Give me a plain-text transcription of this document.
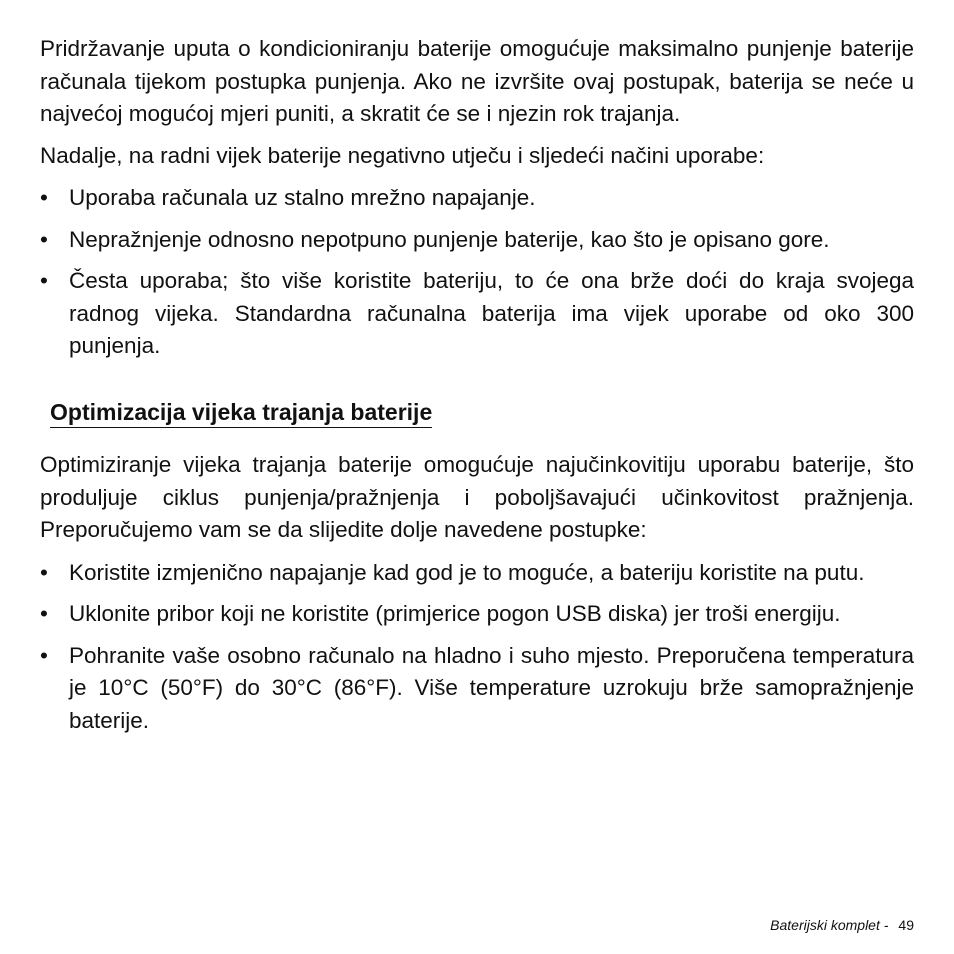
Pridržavanje uputa o kondicioniranju baterije omogućuje maksimalno punjenje baterije računala tijekom postupka punjenja. Ako ne izvršite ovaj postupak, baterija se neće u najvećoj mogućoj mjeri puniti, a skratit će se i njezin rok trajanja.

Nadalje, na radni vijek baterije negativno utječu i sljedeći načini uporabe:

• Uporaba računala uz stalno mrežno napajanje.
• Nepražnjenje odnosno nepotpuno punjenje baterije, kao što je opisano gore.
• Česta uporaba; što više koristite bateriju, to će ona brže doći do kraja svojega radnog vijeka. Standardna računalna baterija ima vijek uporabe od oko 300 punjenja.
Optimizacija vijeka trajanja baterije

Optimiziranje vijeka trajanja baterije omogućuje najučinkovitiju uporabu baterije, što produljuje ciklus punjenja/pražnjenja i poboljšavajući učinkovitost pražnjenja. Preporučujemo vam se da slijedite dolje navedene postupke:

• Koristite izmjenično napajanje kad god je to moguće, a bateriju koristite na putu.
• Uklonite pribor koji ne koristite (primjerice pogon USB diska) jer troši energiju.
• Pohranite vaše osobno računalo na hladno i suho mjesto. Preporučena temperatura je 10°C (50°F) do 30°C (86°F). Više temperature uzrokuju brže samopražnjenje baterije.
Baterijski komplet - 49
